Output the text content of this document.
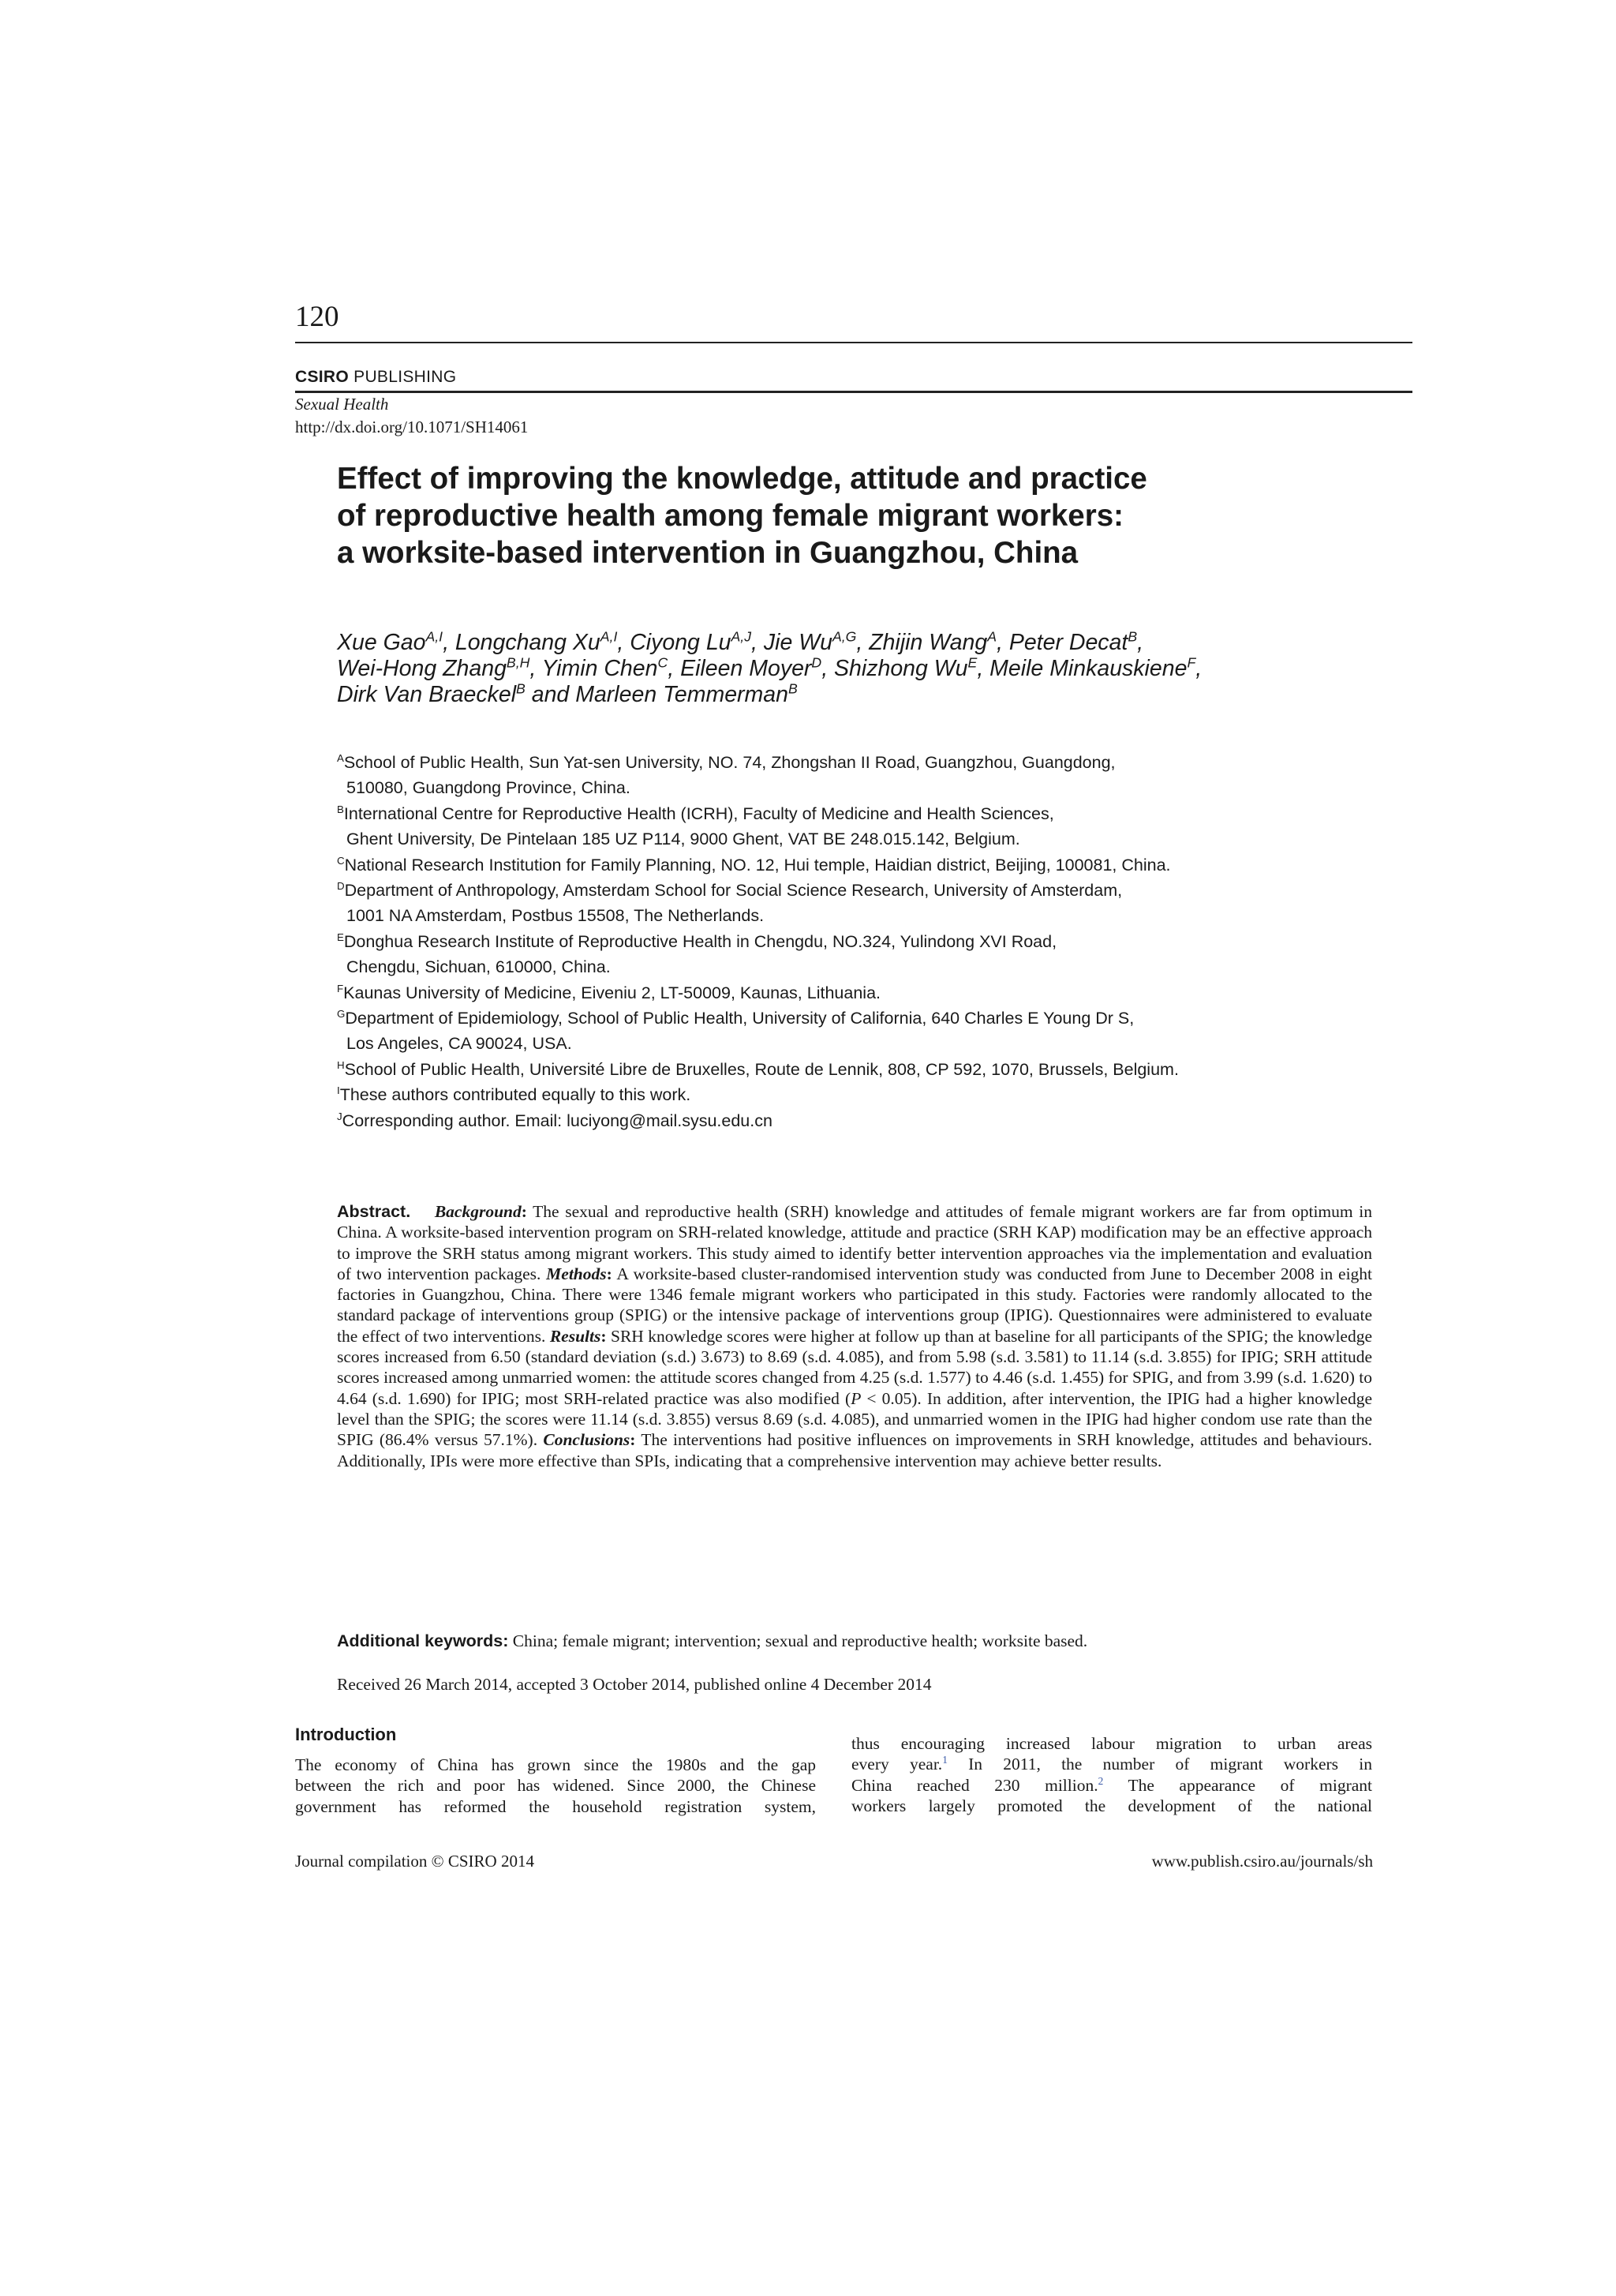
120
CSIRO PUBLISHING
Sexual Health
http://dx.doi.org/10.1071/SH14061
Effect of improving the knowledge, attitude and practice
of reproductive health among female migrant workers:
a worksite-based intervention in Guangzhou, China
Xue Gao$^{A,I}$, Longchang $Xu^{A,I}$, Ciyong $Lu^{A,J}$, Jie $Wu^{A,G}$, Zhijin Wang$^A$, Peter Decat$^B$,
Wei-Hong Zhang$^{B,H}$, Yimin Chen$^C$, Eileen Moyer$^D$, Shizhong $Wu^E$, Meile Minkauskiene$^F$,
Dirk Van Braeckel$^B$ and Marleen Temmerman$^B$
$^A$School of Public Health, Sun Yat-sen University, NO. 74, Zhongshan II Road, Guangzhou, Guangdong,
510080, Guangdong Province, China.
$^B$International Centre for Reproductive Health (ICRH), Faculty of Medicine and Health Sciences,
Ghent University, De Pintelaan 185 UZ P114, 9000 Ghent, VAT BE 248.015.142, Belgium.
$^C$National Research Institution for Family Planning, NO. 12, Hui temple, Haidian district, Beijing, 100081, China.
$^D$Department of Anthropology, Amsterdam School for Social Science Research, University of Amsterdam,
1001 NA Amsterdam, Postbus 15508, The Netherlands.
$^E$Donghua Research Institute of Reproductive Health in Chengdu, NO.324, Yulindong XVI Road,
Chengdu, Sichuan, 610000, China.
$^F$Kaunas University of Medicine, Eiveniu 2, LT-50009, Kaunas, Lithuania.
$^G$Department of Epidemiology, School of Public Health, University of California, 640 Charles E Young Dr S,
Los Angeles, CA 90024, USA.
$^H$School of Public Health, Université Libre de Bruxelles, Route de Lennik, 808, CP 592, 1070, Brussels, Belgium.
$^I$These authors contributed equally to this work.
$^J$Corresponding author. Email: luciyong@mail.sysu.edu.cn
Abstract. Background: The sexual and reproductive health (SRH) knowledge and attitudes of female migrant workers are far from optimum in China. A worksite-based intervention program on SRH-related knowledge, attitude and practice (SRH KAP) modification may be an effective approach to improve the SRH status among migrant workers. This study aimed to identify better intervention approaches via the implementation and evaluation of two intervention packages. Methods: A worksite-based cluster-randomised intervention study was conducted from June to December 2008 in eight factories in Guangzhou, China. There were 1346 female migrant workers who participated in this study. Factories were randomly allocated to the standard package of interventions group (SPIG) or the intensive package of interventions group (IPIG). Questionnaires were administered to evaluate the effect of two interventions. Results: SRH knowledge scores were higher at follow up than at baseline for all participants of the SPIG; the knowledge scores increased from 6.50 (standard deviation (s.d.) 3.673) to 8.69 (s.d. 4.085), and from 5.98 (s.d. 3.581) to 11.14 (s.d. 3.855) for IPIG; SRH attitude scores increased among unmarried women: the attitude scores changed from 4.25 (s.d. 1.577) to 4.46 (s.d. 1.455) for SPIG, and from 3.99 (s.d. 1.620) to 4.64 (s.d. 1.690) for IPIG; most SRH-related practice was also modified (P < 0.05). In addition, after intervention, the IPIG had a higher knowledge level than the SPIG; the scores were 11.14 (s.d. 3.855) versus 8.69 (s.d. 4.085), and unmarried women in the IPIG had higher condom use rate than the SPIG (86.4% versus 57.1%). Conclusions: The interventions had positive influences on improvements in SRH knowledge, attitudes and behaviours. Additionally, IPIs were more effective than SPIs, indicating that a comprehensive intervention may achieve better results.
Additional keywords: China; female migrant; intervention; sexual and reproductive health; worksite based.
Received 26 March 2014, accepted 3 October 2014, published online 4 December 2014
Introduction
The economy of China has grown since the 1980s and the gap
between the rich and poor has widened. Since 2000, the Chinese
government has reformed the household registration system,
thus encouraging increased labour migration to urban areas
every year.$^1$ In 2011, the number of migrant workers in
China reached 230 million.$^2$ The appearance of migrant
workers largely promoted the development of the national
Journal compilation © CSIRO 2014	www.publish.csiro.au/journals/sh
